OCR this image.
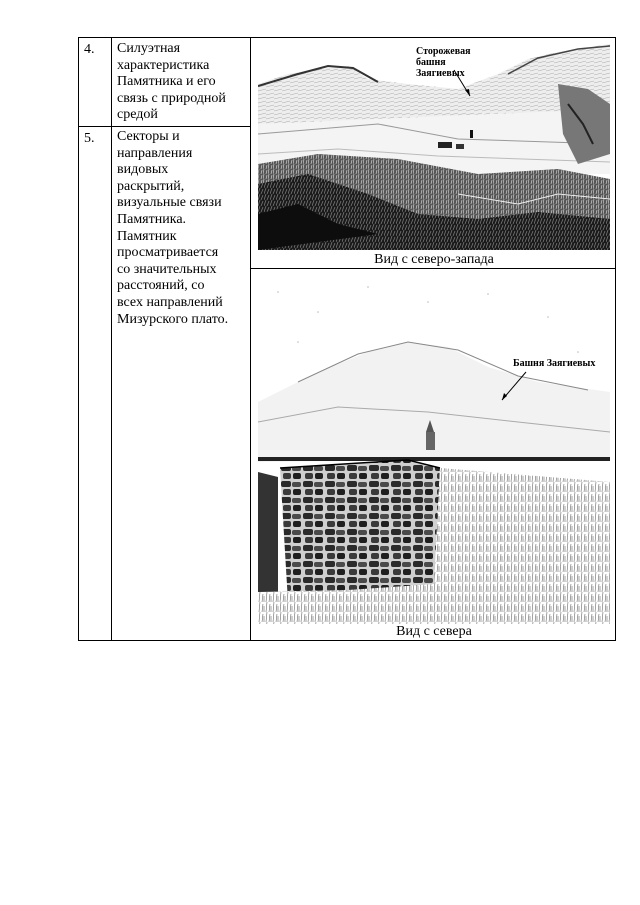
4. Силуэтная
характеристика
Памятника и его
связь с природной
средой
5. Секторы и
направления
видовых
раскрытий,
визуальные связи
Памятника.
Памятник
просматривается
со значительных
расстояний, со
всех направлений
Мизурского плато.
Сторожевая
башня
Заягиевых
Вид с северо-запада
Башня Заягиевых
Вид с севера
